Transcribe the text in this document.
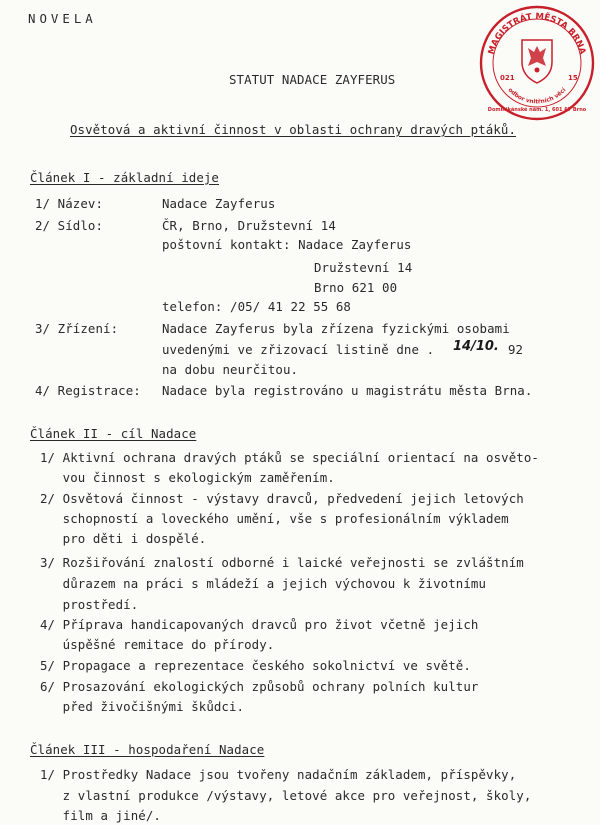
NOVELA
STATUT NADACE ZAYFERUS
Osvětová a aktivní činnost v oblasti ochrany dravých ptáků.
MAGISTRÁT MĚSTA BRNA
odbor vnitřních věcí
Dominikánské nám. 1, 601 67 Brno
021	15
Článek I - základní ideje
1/ Název:	Nadace Zayferus
2/ Sídlo:	ČR, Brno, Družstevní 14
poštovní kontakt: Nadace Zayferus
Družstevní 14
Brno 621 00
telefon: /05/ 41 22 55 68
3/ Zřízení:	Nadace Zayferus byla zřízena fyzickými osobami
uvedenými ve zřizovací listině dne . 14/10. 92
na dobu neurčitou.
4/ Registrace: Nadace byla registrováno u magistrátu města Brna.
Článek II - cíl Nadace
1/ Aktivní ochrana dravých ptáků se speciální orientací na osvěto-
vou činnost s ekologickým zaměřením.
2/ Osvětová činnost - výstavy dravců, předvedení jejich letových
schopností a loveckého umění, vše s profesionálním výkladem
pro děti i dospělé.
3/ Rozšiřování znalostí odborné i laické veřejnosti se zvláštním
důrazem na práci s mládeží a jejich výchovou k životnímu
prostředí.
4/ Příprava handicapovaných dravců pro život včetně jejich
úspěšné remitace do přírody.
5/ Propagace a reprezentace českého sokolnictví ve světě.
6/ Prosazování ekologických způsobů ochrany polních kultur
před živočišnými škůdci.
Článek III - hospodaření Nadace
1/ Prostředky Nadace jsou tvořeny nadačním základem, příspěvky,
z vlastní produkce /výstavy, letové akce pro veřejnost, školy,
film a jiné/.
